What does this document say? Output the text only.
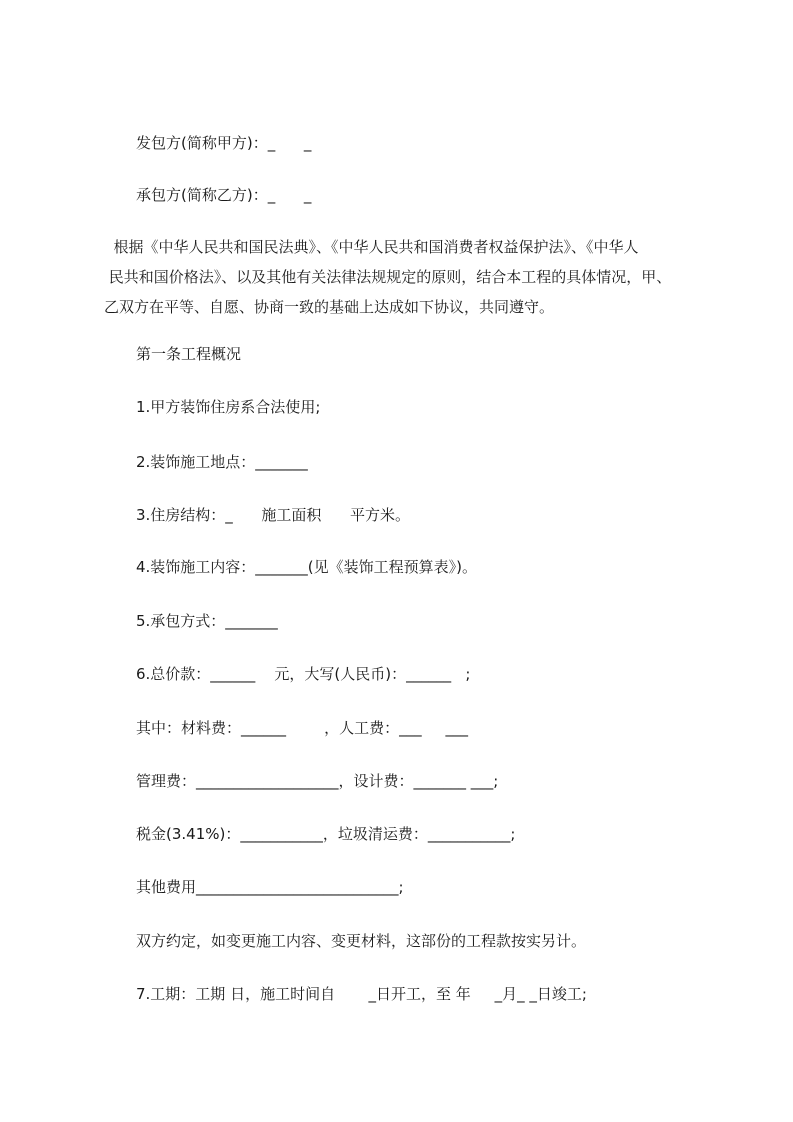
发包方(简称甲方)：_      _
承包方(简称乙方)：_      _
根据《中华人民共和国民法典》、《中华人民共和国消费者权益保护法》、《中华人
民共和国价格法》、以及其他有关法律法规规定的原则，结合本工程的具体情况，甲、
乙双方在平等、自愿、协商一致的基础上达成如下协议，共同遵守。
第一条工程概况
1.甲方装饰住房系合法使用;
2.装饰施工地点：_______
3.住房结构：_      施工面积      平方米。
4.装饰施工内容：_______(见《装饰工程预算表》)。
5.承包方式：_______
6.总价款：______    元，大写(人民币)：______   ;
其中：材料费：______        ，人工费：___     ___
管理费：___________________，设计费：_______ ___;
税金(3.41%)：___________，垃圾清运费：___________;
其他费用___________________________;
双方约定，如变更施工内容、变更材料，这部份的工程款按实另计。
7.工期：工期 日，施工时间自       _日开工，至 年     _月_ _日竣工;
